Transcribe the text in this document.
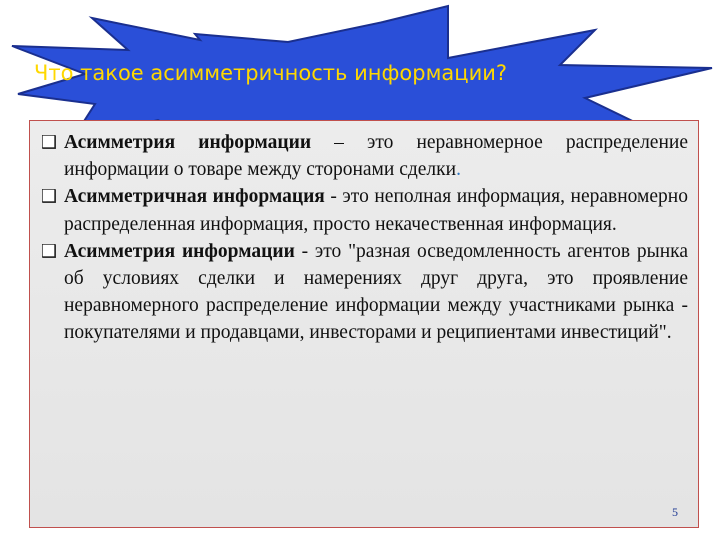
Что такое асимметричность информации?
Асимметрия информации – это неравномерное распределение информации о товаре между сторонами сделки.
Асимметричная информация - это неполная информация, неравномерно распределенная информация, просто некачественная информация.
Асимметрия информации - это "разная осведомленность агентов рынка об условиях сделки и намерениях друг друга, это проявление неравномерного распределение информации между участниками рынка - покупателями и продавцами, инвесторами и реципиентами инвестиций".
5
